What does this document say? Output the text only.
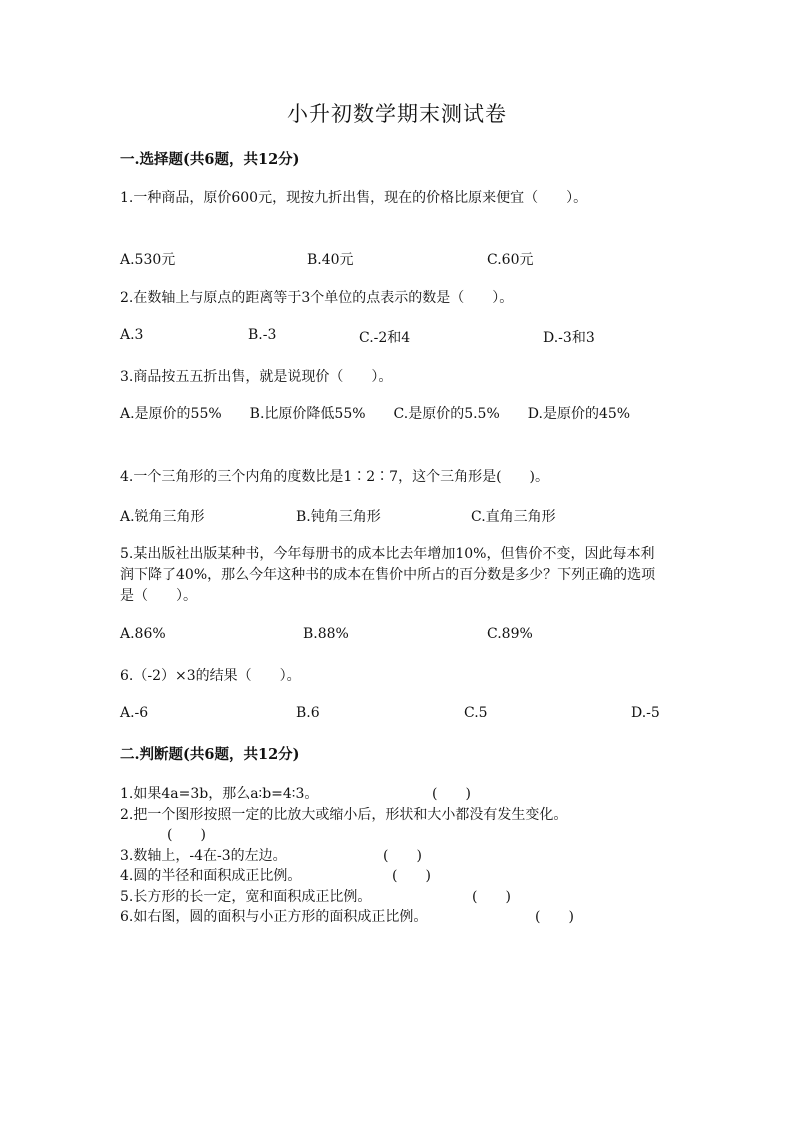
小升初数学期末测试卷
一.选择题(共6题，共12分)
1.一种商品，原价600元，现按九折出售，现在的价格比原来便宜（　　）。
A.530元	B.40元	C.60元
2.在数轴上与原点的距离等于3个单位的点表示的数是（　　）。
A.3	B.-3	C.-2和4	D.-3和3
3.商品按五五折出售，就是说现价（　　）。
A.是原价的55%　　B.比原价降低55%　　C.是原价的5.5%　　D.是原价的45%
4.一个三角形的三个内角的度数比是1∶2∶7，这个三角形是(　　)。
A.锐角三角形	B.钝角三角形	C.直角三角形
5.某出版社出版某种书，今年每册书的成本比去年增加10%，但售价不变，因此每本利润下降了40%，那么今年这种书的成本在售价中所占的百分数是多少？下列正确的选项是（　　）。
A.86%	B.88%	C.89%
6.（-2）×3的结果（　　）。
A.-6	B.6	C.5	D.-5
二.判断题(共6题，共12分)
1.如果4a=3b，那么a∶b=4∶3。	(　　)
2.把一个图形按照一定的比放大或缩小后，形状和大小都没有发生变化。
(　　)
3.数轴上，-4在-3的左边。	(　　)
4.圆的半径和面积成正比例。	(　　)
5.长方形的长一定，宽和面积成正比例。	(　　)
6.如右图，圆的面积与小正方形的面积成正比例。	(　　)
